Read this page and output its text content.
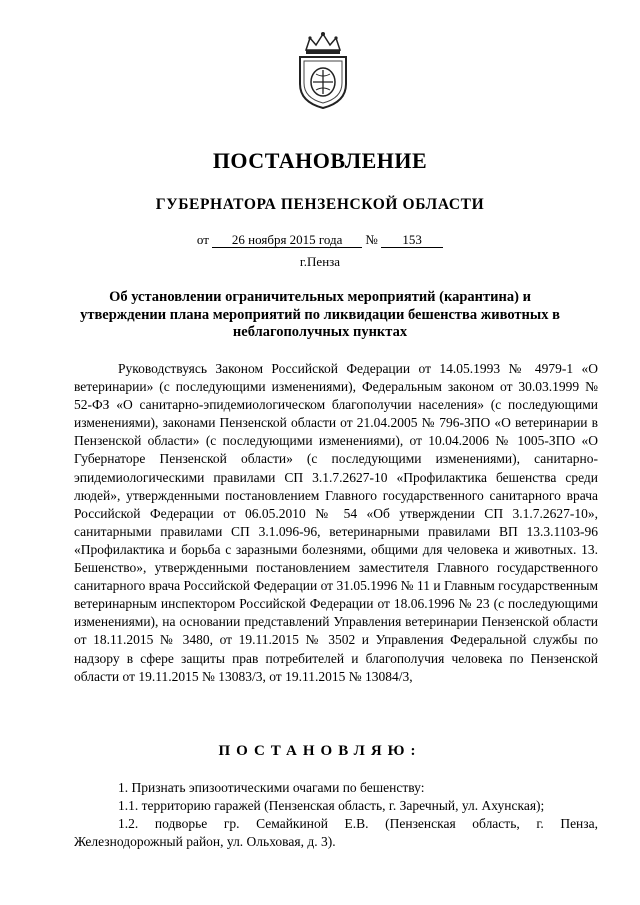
ПОСТАНОВЛЕНИЕ
ГУБЕРНАТОРА ПЕНЗЕНСКОЙ ОБЛАСТИ
от 26 ноября 2015 года № 153
г.Пенза
Об установлении ограничительных мероприятий (карантина) и утверждении плана мероприятий по ликвидации бешенства животных в неблагополучных пунктах
Руководствуясь Законом Российской Федерации от 14.05.1993 № 4979-1 «О ветеринарии» (с последующими изменениями), Федеральным законом от 30.03.1999 № 52-ФЗ «О санитарно-эпидемиологическом благополучии населения» (с последующими изменениями), законами Пензенской области от 21.04.2005 № 796-ЗПО «О ветеринарии в Пензенской области» (с последующими изменениями), от 10.04.2006 № 1005-ЗПО «О Губернаторе Пензенской области» (с последующими изменениями), санитарно-эпидемиологическими правилами СП 3.1.7.2627-10 «Профилактика бешенства среди людей», утвержденными постановлением Главного государственного санитарного врача Российской Федерации от 06.05.2010 № 54 «Об утверждении СП 3.1.7.2627-10», санитарными правилами СП 3.1.096-96, ветеринарными правилами ВП 13.3.1103-96 «Профилактика и борьба с заразными болезнями, общими для человека и животных. 13. Бешенство», утвержденными постановлением заместителя Главного государственного санитарного врача Российской Федерации от 31.05.1996 № 11 и Главным государственным ветеринарным инспектором Российской Федерации от 18.06.1996 № 23 (с последующими изменениями), на основании представлений Управления ветеринарии Пензенской области от 18.11.2015 № 3480, от 19.11.2015 № 3502 и Управления Федеральной службы по надзору в сфере защиты прав потребителей и благополучия человека по Пензенской области от 19.11.2015 № 13083/3, от 19.11.2015 № 13084/3,
ПОСТАНОВЛЯЮ:
1. Признать эпизоотическими очагами по бешенству:
1.1. территорию гаражей (Пензенская область, г. Заречный, ул. Ахунская);
1.2. подворье гр. Семайкиной Е.В. (Пензенская область, г. Пенза, Железнодорожный район, ул. Ольховая, д. 3).
